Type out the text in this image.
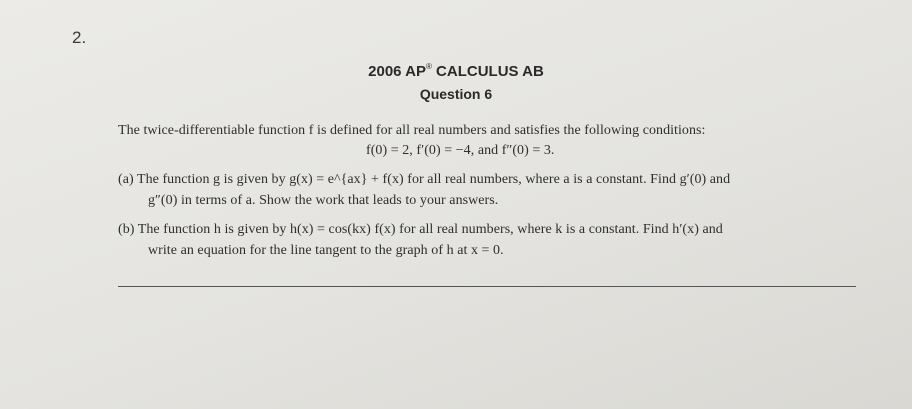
2.
2006 AP® CALCULUS AB
Question 6
The twice-differentiable function f is defined for all real numbers and satisfies the following conditions:
f(0) = 2, f′(0) = −4, and f″(0) = 3.
(a) The function g is given by g(x) = e^{ax} + f(x) for all real numbers, where a is a constant. Find g′(0) and
g″(0) in terms of a. Show the work that leads to your answers.
(b) The function h is given by h(x) = cos(kx) f(x) for all real numbers, where k is a constant. Find h′(x) and
write an equation for the line tangent to the graph of h at x = 0.
